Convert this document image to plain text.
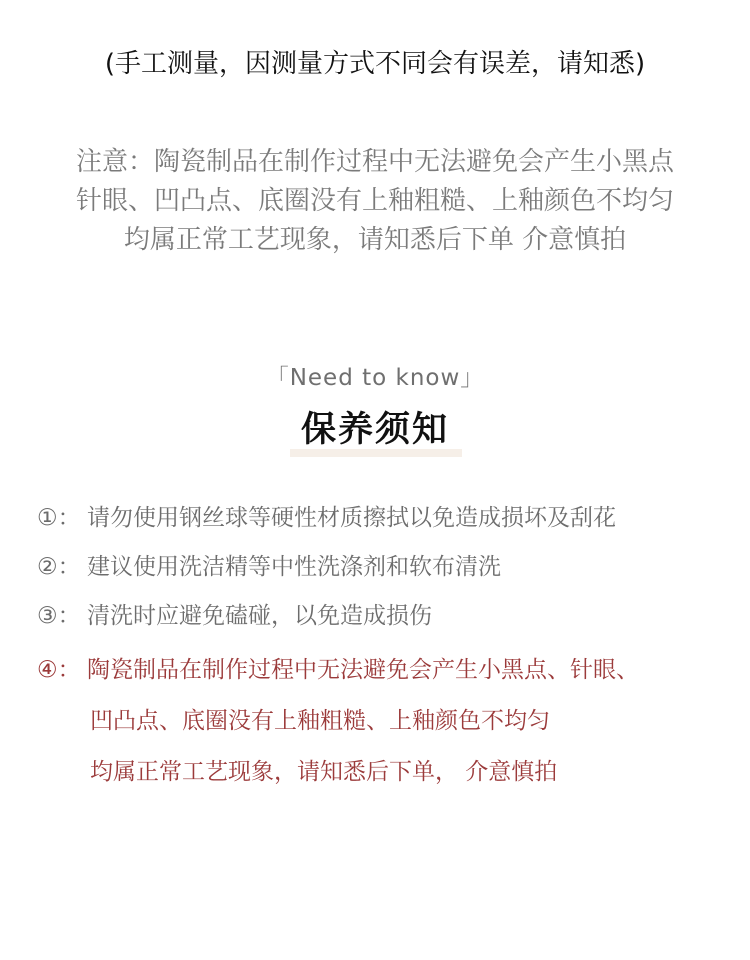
(手工测量，因测量方式不同会有误差，请知悉)
注意：陶瓷制品在制作过程中无法避免会产生小黑点
针眼、凹凸点、底圈没有上釉粗糙、上釉颜色不均匀
均属正常工艺现象，请知悉后下单 介意慎拍
「Need to know」
保养须知
①： 请勿使用钢丝球等硬性材质擦拭以免造成损坏及刮花
②： 建议使用洗洁精等中性洗涤剂和软布清洗
③： 清洗时应避免磕碰，以免造成损伤
④： 陶瓷制品在制作过程中无法避免会产生小黑点、针眼、
凹凸点、底圈没有上釉粗糙、上釉颜色不均匀
均属正常工艺现象，请知悉后下单， 介意慎拍
